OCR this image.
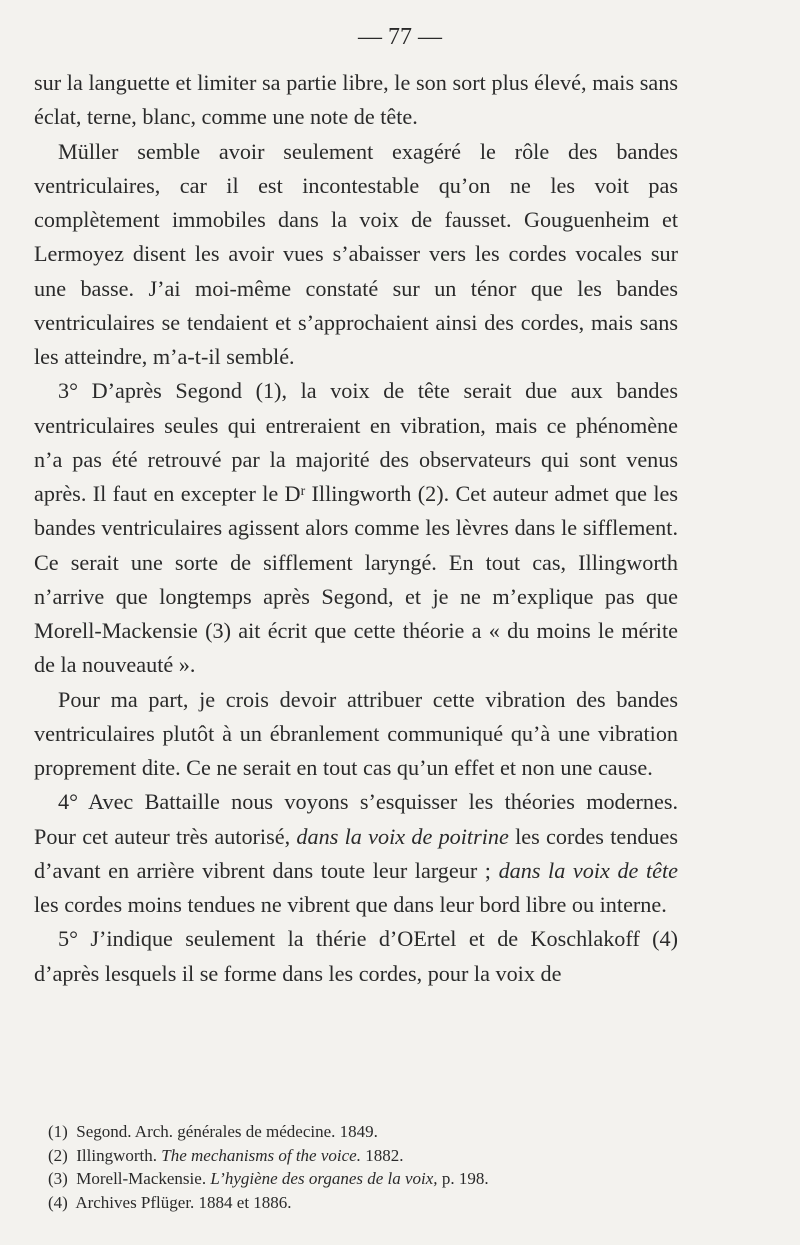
— 77 —

sur la languette et limiter sa partie libre, le son sort plus élevé, mais sans éclat, terne, blanc, comme une note de tête.

Müller semble avoir seulement exagéré le rôle des bandes ventriculaires, car il est incontestable qu’on ne les voit pas complètement immobiles dans la voix de fausset. Gouguenheim et Lermoyez disent les avoir vues s’abaisser vers les cordes vocales sur une basse. J’ai moi-même constaté sur un ténor que les bandes ventriculaires se tendaient et s’approchaient ainsi des cordes, mais sans les atteindre, m’a-t-il semblé.

3° D’après Segond (1), la voix de tête serait due aux bandes ventriculaires seules qui entreraient en vibration, mais ce phénomène n’a pas été retrouvé par la majorité des observateurs qui sont venus après. Il faut en excepter le $D^r$ Illingworth (2). Cet auteur admet que les bandes ventriculaires agissent alors comme les lèvres dans le sifflement. Ce serait une sorte de sifflement laryngé. En tout cas, Illingworth n’arrive que longtemps après Segond, et je ne m’explique pas que Morell-Mackensie (3) ait écrit que cette théorie a « du moins le mérite de la nouveauté ».

Pour ma part, je crois devoir attribuer cette vibration des bandes ventriculaires plutôt à un ébranlement communiqué qu’à une vibration proprement dite. Ce ne serait en tout cas qu’un effet et non une cause.

4° Avec Battaille nous voyons s’esquisser les théories modernes. Pour cet auteur très autorisé, dans la voix de poitrine les cordes tendues d’avant en arrière vibrent dans toute leur largeur ; dans la voix de tête les cordes moins tendues ne vibrent que dans leur bord libre ou interne.

5° J’indique seulement la thérie d’OErtel et de Koschlakoff (4) d’après lesquels il se forme dans les cordes, pour la voix de

(1) Segond. Arch. générales de médecine. 1849.
(2) Illingworth. The mechanisms of the voice. 1882.
(3) Morell-Mackensie. L’hygiène des organes de la voix, p. 198.
(4) Archives Pflüger. 1884 et 1886.
